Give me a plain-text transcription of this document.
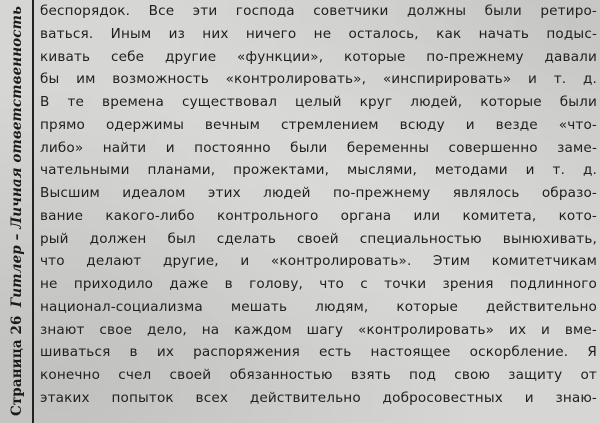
Страница 26
Гитлер – Личная ответственность беспорядок. Все эти господа советчики должны были ретиро-
ваться. Иным из них ничего не осталось, как начать подыс-
кивать себе другие «функции», которые по-прежнему давали
бы им возможность «контролировать», «инспирировать» и т. д.
В те времена существовал целый круг людей, которые были
прямо одержимы вечным стремлением всюду и везде «что-
либо» найти и постоянно были беременны совершенно заме-
чательными планами, прожектами, мыслями, методами и т. д.
Высшим идеалом этих людей по-прежнему являлось образо-
вание какого-либо контрольного органа или комитета, кото-
рый должен был сделать своей специальностью вынюхивать,
что делают другие, и «контролировать». Этим комитетчикам
не приходило даже в голову, что с точки зрения подлинного
национал-социализма мешать людям, которые действительно
знают свое дело, на каждом шагу «контролировать» их и вме-
шиваться в их распоряжения есть настоящее оскорбление. Я
конечно счел своей обязанностью взять под свою защиту от
этаких попыток всех действительно добросовестных и знаю-
